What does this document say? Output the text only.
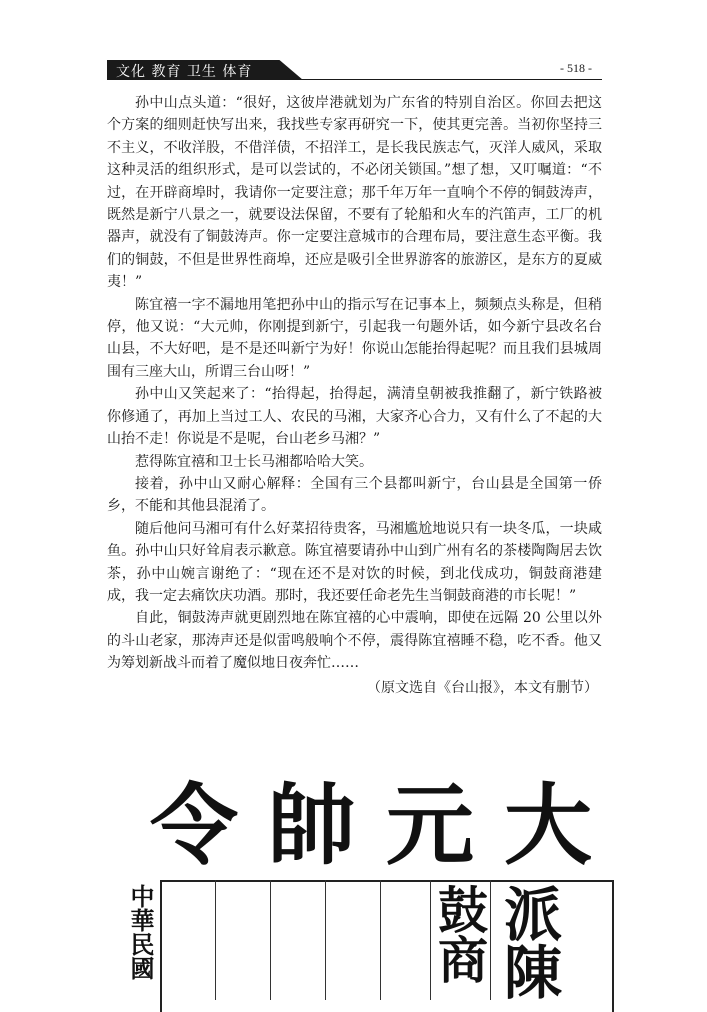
文化 教育 卫生 体育	- 518 -

孙中山点头道：“很好，这彼岸港就划为广东省的特别自治区。你回去把这个方案的细则赶快写出来，我找些专家再研究一下，使其更完善。当初你坚持三不主义，不收洋股，不借洋债，不招洋工，是长我民族志气，灭洋人威风，采取这种灵活的组织形式，是可以尝试的，不必闭关锁国。”想了想，又叮嘱道：“不过，在开辟商埠时，我请你一定要注意；那千年万年一直响个不停的铜鼓涛声，既然是新宁八景之一，就要设法保留，不要有了轮船和火车的汽笛声，工厂的机器声，就没有了铜鼓涛声。你一定要注意城市的合理布局，要注意生态平衡。我们的铜鼓，不但是世界性商埠，还应是吸引全世界游客的旅游区，是东方的夏威夷！”

陈宜禧一字不漏地用笔把孙中山的指示写在记事本上，频频点头称是，但稍停，他又说：“大元帅，你刚提到新宁，引起我一句题外话，如今新宁县改名台山县，不大好吧，是不是还叫新宁为好！你说山怎能抬得起呢？而且我们县城周围有三座大山，所谓三台山呀！”

孙中山又笑起来了：“抬得起，抬得起，满清皇朝被我推翻了，新宁铁路被你修通了，再加上当过工人、农民的马湘，大家齐心合力，又有什么了不起的大山抬不走！你说是不是呢，台山老乡马湘？”

惹得陈宜禧和卫士长马湘都哈哈大笑。

接着，孙中山又耐心解释：全国有三个县都叫新宁，台山县是全国第一侨乡，不能和其他县混淆了。

随后他问马湘可有什么好菜招待贵客，马湘尴尬地说只有一块冬瓜，一块咸鱼。孙中山只好耸肩表示歉意。陈宜禧要请孙中山到广州有名的茶楼陶陶居去饮茶，孙中山婉言谢绝了：“现在还不是对饮的时候，到北伐成功，铜鼓商港建成，我一定去痛饮庆功酒。那时，我还要任命老先生当铜鼓商港的市长呢！”

自此，铜鼓涛声就更剧烈地在陈宜禧的心中震响，即使在远隔 20 公里以外的斗山老家，那涛声还是似雷鸣般响个不停，震得陈宜禧睡不稳，吃不香。他又为筹划新战斗而着了魔似地日夜奔忙……

（原文选自《台山报》，本文有删节）
令 帥 元 大
中華民國	鼓商 派陳
